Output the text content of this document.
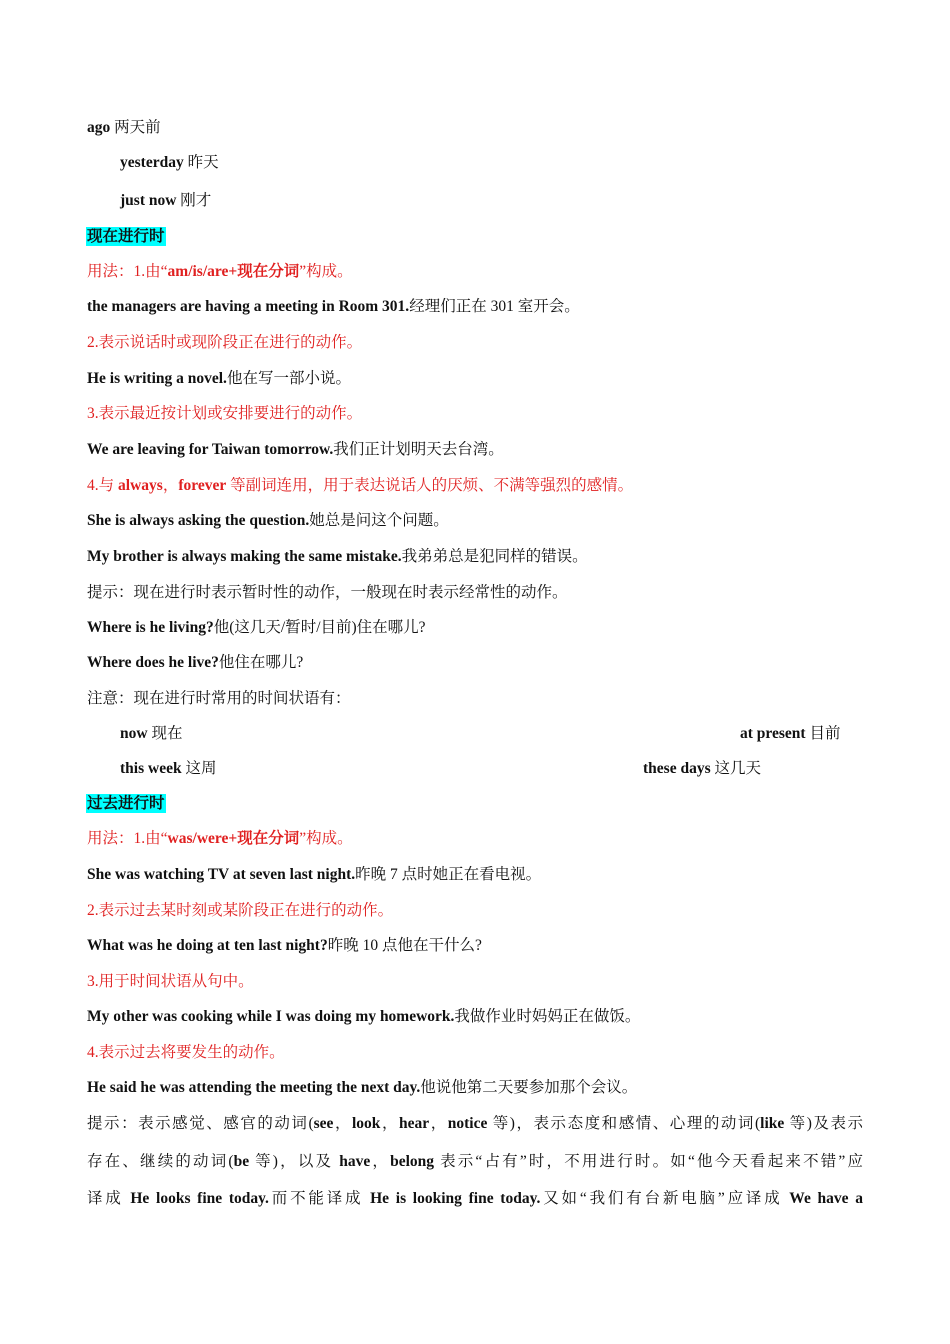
ago 两天前
yesterday 昨天
just now 刚才
现在进行时
用法：1.由“am/is/are+现在分词”构成。
the managers are having a meeting in Room 301.经理们正在 301 室开会。
2.表示说话时或现阶段正在进行的动作。
He is writing a novel.他在写一部小说。
3.表示最近按计划或安排要进行的动作。
We are leaving for Taiwan tomorrow.我们正计划明天去台湾。
4.与 always，forever 等副词连用，用于表达说话人的厌烦、不满等强烈的感情。
She is always asking the question.她总是问这个问题。
My brother is always making the same mistake.我弟弟总是犯同样的错误。
提示：现在进行时表示暂时性的动作，一般现在时表示经常性的动作。
Where is he living?他(这几天/暂时/目前)住在哪儿?
Where does he live?他住在哪儿?
注意：现在进行时常用的时间状语有：
now 现在	at present 目前
this week 这周	these days 这几天
过去进行时
用法：1.由“was/were+现在分词”构成。
She was watching TV at seven last night.昨晚 7 点时她正在看电视。
2.表示过去某时刻或某阶段正在进行的动作。
What was he doing at ten last night?昨晚 10 点他在干什么?
3.用于时间状语从句中。
My other was cooking while I was doing my homework.我做作业时妈妈正在做饭。
4.表示过去将要发生的动作。
He said he was attending the meeting the next day.他说他第二天要参加那个会议。
提示：表示感觉、感官的动词(see，look，hear，notice 等)，表示态度和感情、心理的动词(like 等)及表示
存在、继续的动词(be 等)，以及 have，belong 表示“占有”时，不用进行时。如“他今天看起来不错”应
译成 He looks fine today.而不能译成 He is looking fine today.又如“我们有台新电脑”应译成 We have a
